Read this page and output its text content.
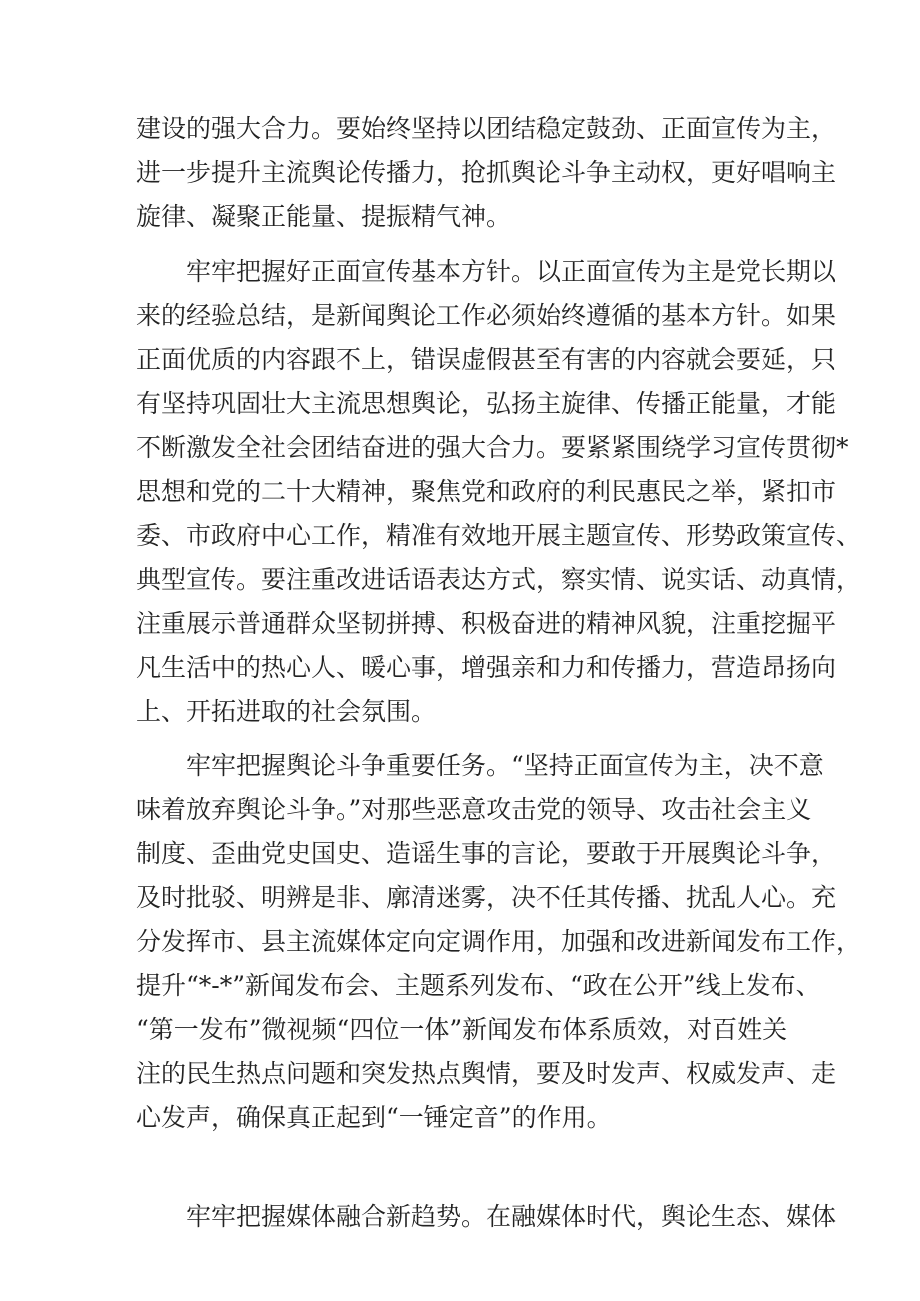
建设的强大合力。要始终坚持以团结稳定鼓劲、正面宣传为主，
进一步提升主流舆论传播力，抢抓舆论斗争主动权，更好唱响主
旋律、凝聚正能量、提振精气神。
牢牢把握好正面宣传基本方针。以正面宣传为主是党长期以
来的经验总结，是新闻舆论工作必须始终遵循的基本方针。如果
正面优质的内容跟不上，错误虚假甚至有害的内容就会要延，只
有坚持巩固壮大主流思想舆论，弘扬主旋律、传播正能量，才能
不断激发全社会团结奋进的强大合力。要紧紧围绕学习宣传贯彻*
思想和党的二十大精神，聚焦党和政府的利民惠民之举，紧扣市
委、市政府中心工作，精准有效地开展主题宣传、形势政策宣传、
典型宣传。要注重改进话语表达方式，察实情、说实话、动真情，
注重展示普通群众坚韧拼搏、积极奋进的精神风貌，注重挖掘平
凡生活中的热心人、暖心事，增强亲和力和传播力，营造昂扬向
上、开拓进取的社会氛围。
牢牢把握舆论斗争重要任务。“坚持正面宣传为主，决不意
味着放弃舆论斗争。”对那些恶意攻击党的领导、攻击社会主义
制度、歪曲党史国史、造谣生事的言论，要敢于开展舆论斗争，
及时批驳、明辨是非、廓清迷雾，决不任其传播、扰乱人心。充
分发挥市、县主流媒体定向定调作用，加强和改进新闻发布工作，
提升“*-*”新闻发布会、主题系列发布、“政在公开”线上发布、
“第一发布”微视频“四位一体”新闻发布体系质效，对百姓关
注的民生热点问题和突发热点舆情，要及时发声、权威发声、走
心发声，确保真正起到“一锤定音”的作用。
牢牢把握媒体融合新趋势。在融媒体时代，舆论生态、媒体
